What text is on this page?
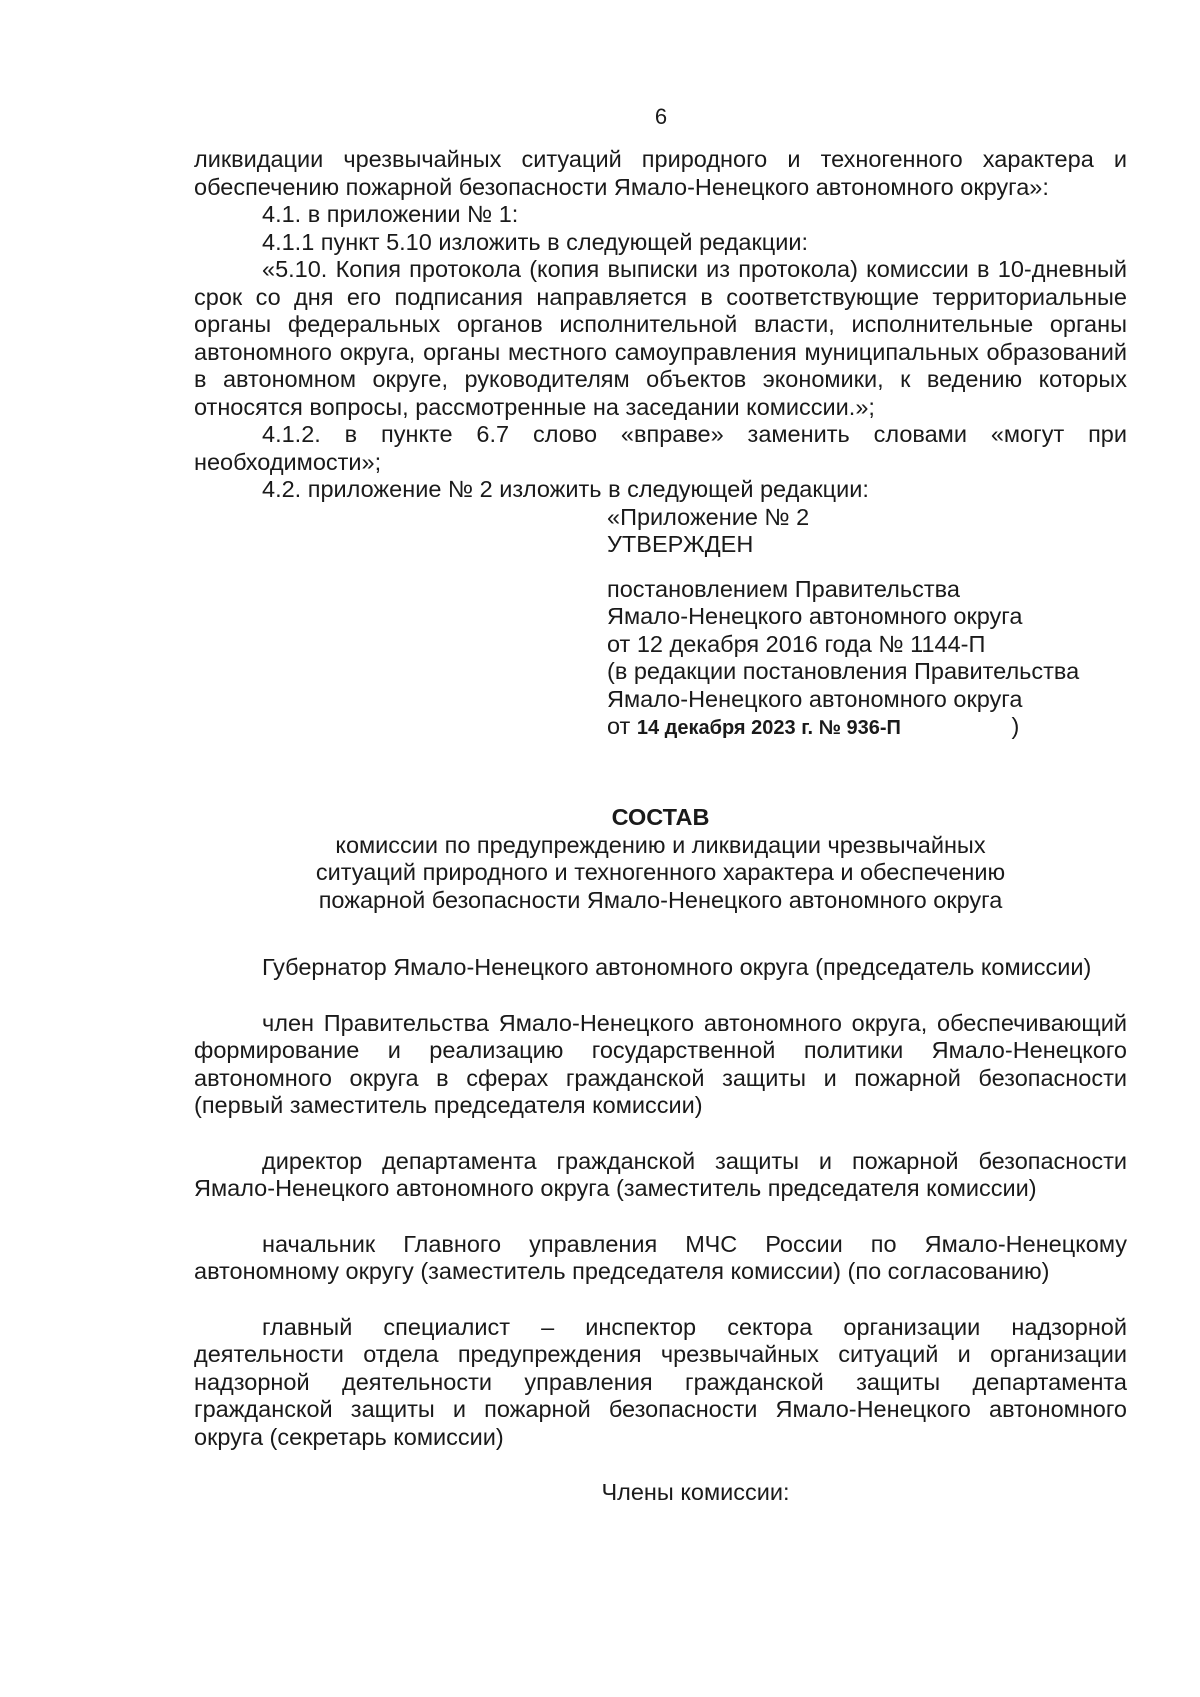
6

ликвидации чрезвычайных ситуаций природного и техногенного характера и

обеспечению пожарной безопасности Ямало-Ненецкого автономного округа»:

4.1. в приложении № 1:

4.1.1 пункт 5.10 изложить в следующей редакции:

«5.10. Копия протокола (копия выписки из протокола) комиссии в 10-дневный срок со дня его подписания направляется в соответствующие территориальные органы федеральных органов исполнительной власти, исполнительные органы автономного округа, органы местного самоуправления муниципальных образований в автономном округе, руководителям объектов экономики, к ведению которых относятся вопросы, рассмотренные на заседании комиссии.»;

4.1.2. в пункте 6.7 слово «вправе» заменить словами «могут при необходимости»;

4.2. приложение № 2 изложить в следующей редакции:

«Приложение № 2
УТВЕРЖДЕН
постановлением Правительства
Ямало-Ненецкого автономного округа
от 12 декабря 2016 года № 1144-П
(в редакции постановления Правительства
Ямало-Ненецкого автономного округа
от 14 декабря 2023 г. № 936-П	)
СОСТАВ
комиссии по предупреждению и ликвидации чрезвычайных
ситуаций природного и техногенного характера и обеспечению
пожарной безопасности Ямало-Ненецкого автономного округа

Губернатор Ямало-Ненецкого автономного округа (председатель комиссии)

член Правительства Ямало-Ненецкого автономного округа, обеспечивающий формирование и реализацию государственной политики Ямало-Ненецкого автономного округа в сферах гражданской защиты и пожарной безопасности (первый заместитель председателя комиссии)

директор департамента гражданской защиты и пожарной безопасности Ямало-Ненецкого автономного округа (заместитель председателя комиссии)

начальник Главного управления МЧС России по Ямало-Ненецкому автономному округу (заместитель председателя комиссии) (по согласованию)

главный специалист – инспектор сектора организации надзорной деятельности отдела предупреждения чрезвычайных ситуаций и организации надзорной деятельности управления гражданской защиты департамента гражданской защиты и пожарной безопасности Ямало-Ненецкого автономного округа (секретарь комиссии)

Члены комиссии:
